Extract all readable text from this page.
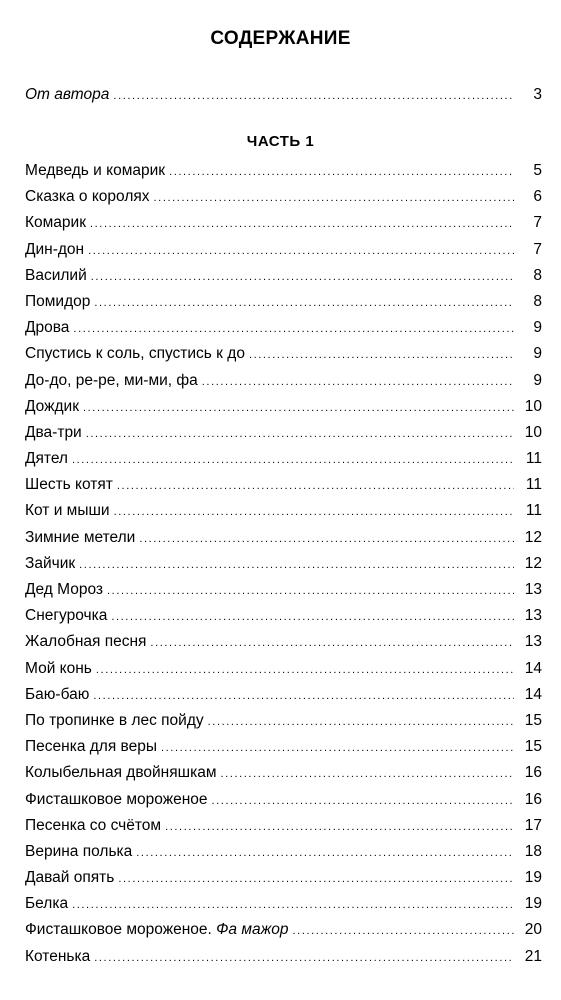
СОДЕРЖАНИЕ
От автора .....	3
ЧАСТЬ 1
Медведь и комарик .....	5
Сказка о королях .....	6
Комарик .....	7
Дин-дон .....	7
Василий .....	8
Помидор .....	8
Дрова .....	9
Спустись к соль, спустись к до .....	9
До-до, ре-ре, ми-ми, фа .....	9
Дождик .....	10
Два-три .....	10
Дятел .....	11
Шесть котят .....	11
Кот и мыши .....	11
Зимние метели .....	12
Зайчик .....	12
Дед Мороз .....	13
Снегурочка .....	13
Жалобная песня .....	13
Мой конь .....	14
Баю-баю .....	14
По тропинке в лес пойду .....	15
Песенка для веры .....	15
Колыбельная двойняшкам .....	16
Фисташковое мороженое .....	16
Песенка со счётом .....	17
Верина полька .....	18
Давай опять .....	19
Белка .....	19
Фисташковое мороженое. Фа мажор .....	20
Котенька .....	21
